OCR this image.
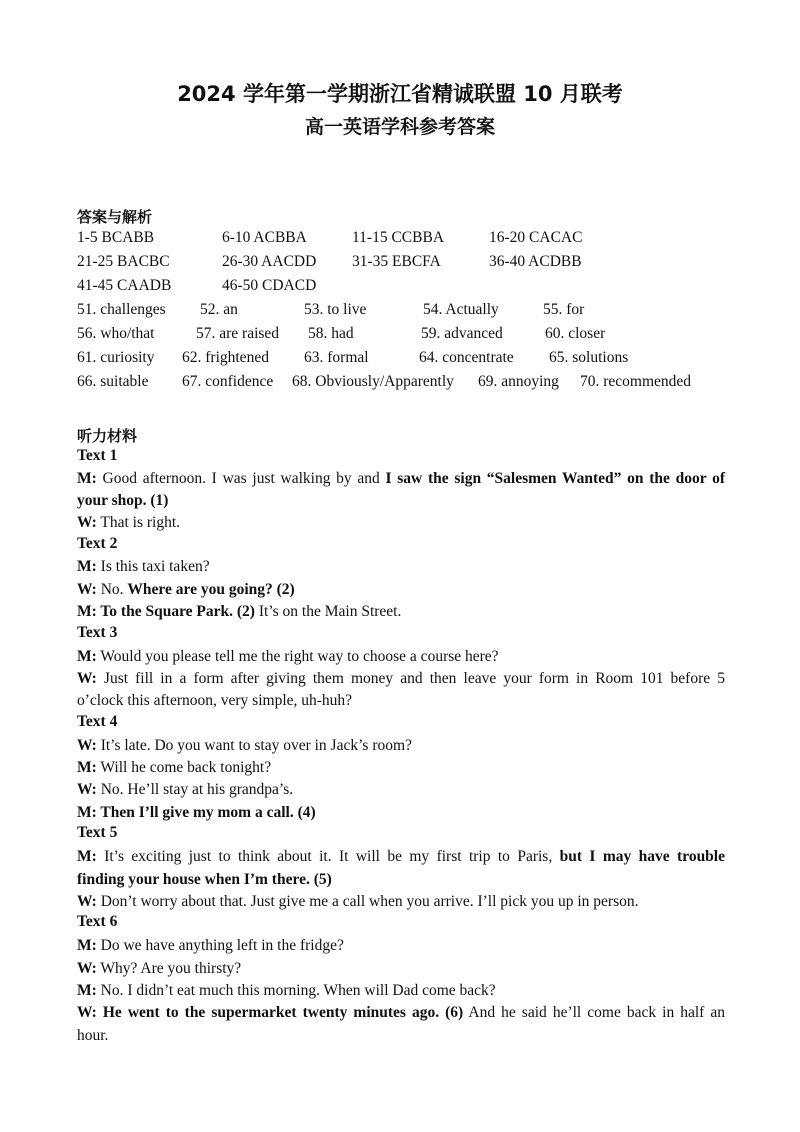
2024 学年第一学期浙江省精诚联盟 10 月联考
高一英语学科参考答案
答案与解析
1-5 BCABB	6-10 ACBBA	11-15 CCBBA	16-20 CACAC
21-25 BACBC	26-30 AACDD 31-35 EBCFA	36-40 ACDBB
41-45 CAADB	46-50 CDACD
51. challenges 52. an	53. to live	54. Actually	55. for
56. who/that	57. are raised 58. had	59. advanced	60. closer
61. curiosity 62. frightened 63. formal	64. concentrate 65. solutions
66. suitable 67. confidence 68. Obviously/Apparently 69. annoying 70. recommended
听力材料
Text 1
M: Good afternoon. I was just walking by and I saw the sign “Salesmen Wanted” on the door of
your shop. (1)
W: That is right.
Text 2
M: Is this taxi taken?
W: No. Where are you going? (2)
M: To the Square Park. (2) It’s on the Main Street.
Text 3
M: Would you please tell me the right way to choose a course here?
W: Just fill in a form after giving them money and then leave your form in Room 101 before 5
o’clock this afternoon, very simple, uh-huh?
Text 4
W: It’s late. Do you want to stay over in Jack’s room?
M: Will he come back tonight?
W: No. He’ll stay at his grandpa’s.
M: Then I’ll give my mom a call. (4)
Text 5
M: It’s exciting just to think about it. It will be my first trip to Paris, but I may have trouble
finding your house when I’m there. (5)
W: Don’t worry about that. Just give me a call when you arrive. I’ll pick you up in person.
Text 6
M: Do we have anything left in the fridge?
W: Why? Are you thirsty?
M: No. I didn’t eat much this morning. When will Dad come back?
W: He went to the supermarket twenty minutes ago. (6) And he said he’ll come back in half an
hour.
